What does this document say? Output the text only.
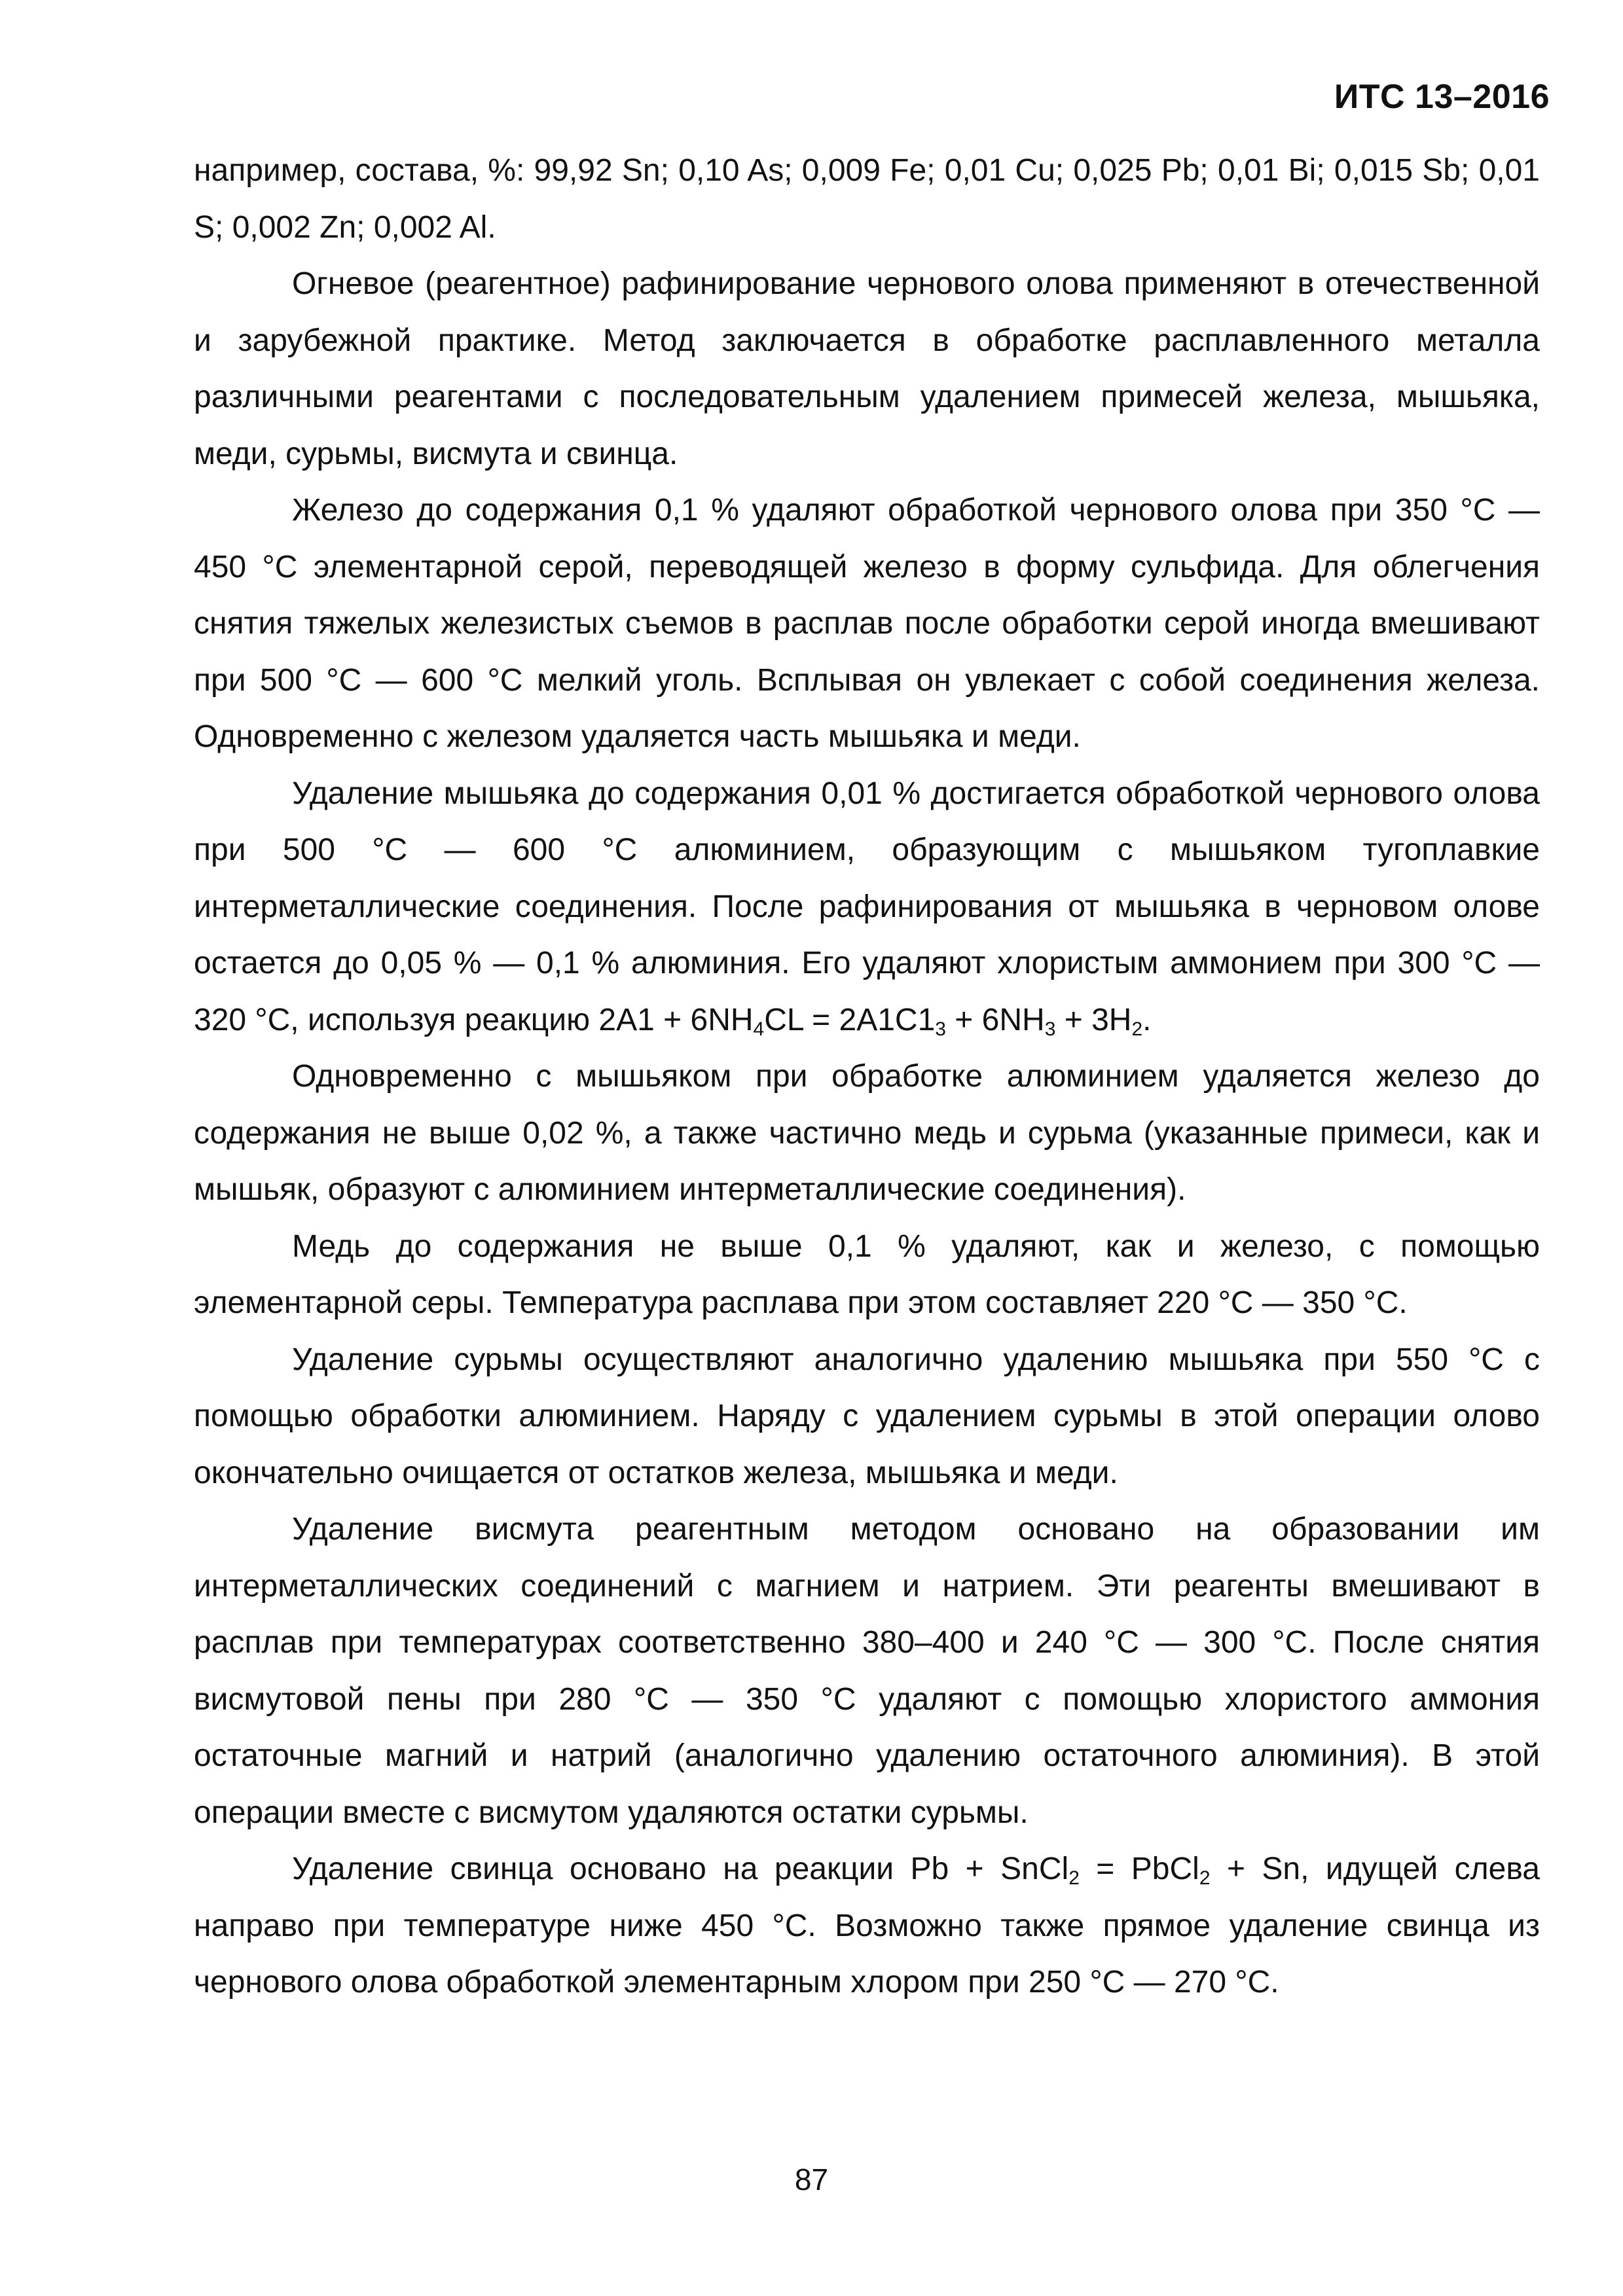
ИТС 13–2016

например, состава, %: 99,92 Sn; 0,10 As; 0,009 Fe; 0,01 Cu; 0,025 Pb; 0,01 Bi; 0,015 Sb; 0,01 S; 0,002 Zn; 0,002 Al.

Огневое (реагентное) рафинирование чернового олова применяют в отечественной и зарубежной практике. Метод заключается в обработке расплавленного металла различными реагентами с последовательным удалением примесей железа, мышьяка, меди, сурьмы, висмута и свинца.

Железо до содержания 0,1 % удаляют обработкой чернового олова при 350 °С — 450 °С элементарной серой, переводящей железо в форму сульфида. Для облегчения снятия тяжелых железистых съемов в расплав после обработки серой иногда вмешивают при 500 °С — 600 °С мелкий уголь. Всплывая он увлекает с собой соединения железа. Одновременно с железом удаляется часть мышьяка и меди.

Удаление мышьяка до содержания 0,01 % достигается обработкой чернового олова при 500 °С — 600 °С алюминием, образующим с мышьяком тугоплавкие интерметаллические соединения. После рафинирования от мышьяка в черновом олове остается до 0,05 % — 0,1 % алюминия. Его удаляют хлористым аммонием при 300 °С — 320 °С, используя реакцию $2А1 + 6NH_4CL = 2A1C1_3 + 6NH_3 + 3H_2$.

Одновременно с мышьяком при обработке алюминием удаляется железо до содержания не выше 0,02 %, а также частично медь и сурьма (указанные примеси, как и мышьяк, образуют с алюминием интерметаллические соединения).

Медь до содержания не выше 0,1 % удаляют, как и железо, с помощью элементарной серы. Температура расплава при этом составляет 220 °С — 350 °С.

Удаление сурьмы осуществляют аналогично удалению мышьяка при 550 °С с помощью обработки алюминием. Наряду с удалением сурьмы в этой операции олово окончательно очищается от остатков железа, мышьяка и меди.

Удаление висмута реагентным методом основано на образовании им интерметаллических соединений с магнием и натрием. Эти реагенты вмешивают в расплав при температурах соответственно 380–400 и 240 °С — 300 °С. После снятия висмутовой пены при 280 °С — 350 °С удаляют с помощью хлористого аммония остаточные магний и натрий (аналогично удалению остаточного алюминия). В этой операции вместе с висмутом удаляются остатки сурьмы.

Удаление свинца основано на реакции Pb + SnCl$_2$ = PbCl$_2$ + Sn, идущей слева направо при температуре ниже 450 °С. Возможно также прямое удаление свинца из чернового олова обработкой элементарным хлором при 250 °С — 270 °С.

87
